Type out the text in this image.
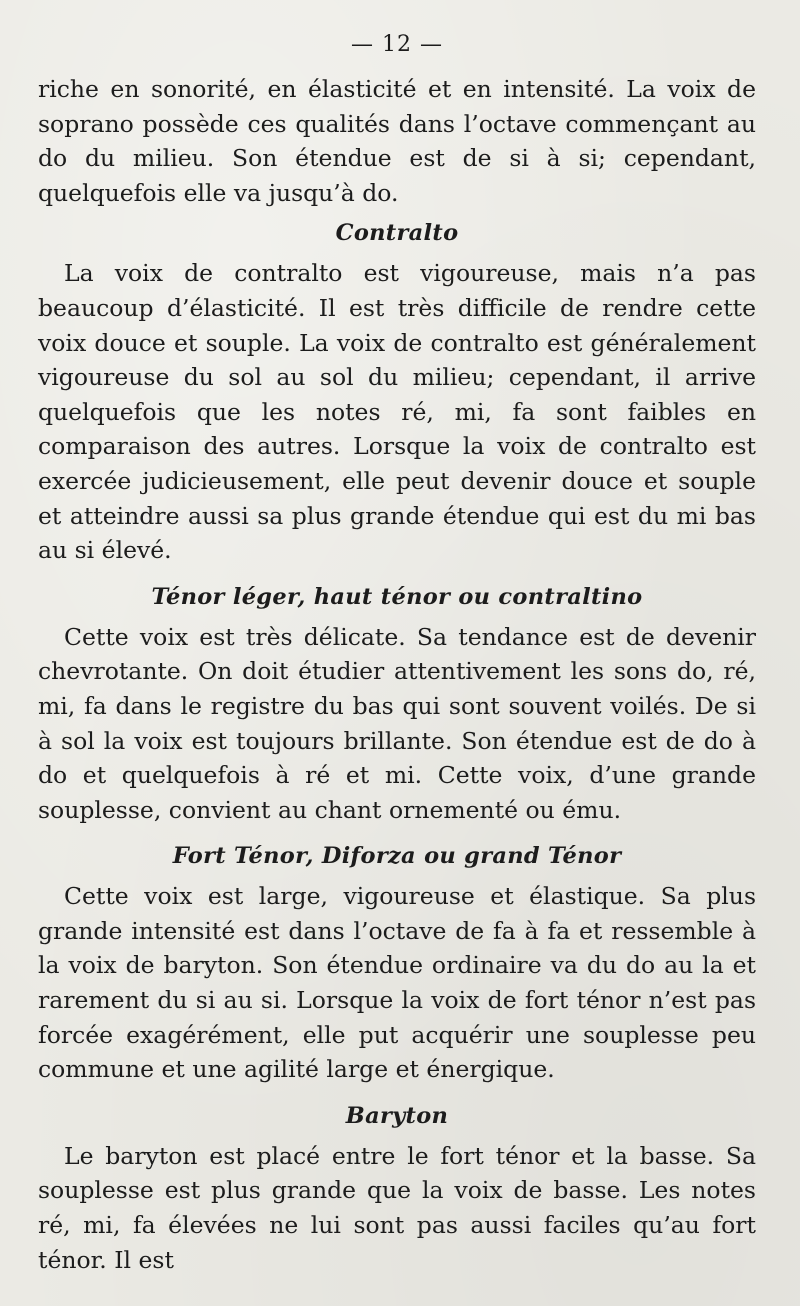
— 12 —

riche en sonorité, en élasticité et en intensité. La voix de soprano possède ces qualités dans l’octave commençant au do du milieu. Son étendue est de si à si; cependant, quelquefois elle va jusqu’à do.

Contralto

La voix de contralto est vigoureuse, mais n’a pas beaucoup d’élasticité. Il est très difficile de rendre cette voix douce et souple. La voix de contralto est généralement vigoureuse du sol au sol du milieu; cependant, il arrive quelquefois que les notes ré, mi, fa sont faibles en comparaison des autres. Lorsque la voix de contralto est exercée judicieusement, elle peut devenir douce et souple et atteindre aussi sa plus grande étendue qui est du mi bas au si élevé.

Ténor léger, haut ténor ou contraltino

Cette voix est très délicate. Sa tendance est de devenir chevrotante. On doit étudier attentivement les sons do, ré, mi, fa dans le registre du bas qui sont souvent voilés. De si à sol la voix est toujours brillante. Son étendue est de do à do et quelquefois à ré et mi. Cette voix, d’une grande souplesse, convient au chant ornementé ou ému.

Fort Ténor, Diforza ou grand Ténor

Cette voix est large, vigoureuse et élastique. Sa plus grande intensité est dans l’octave de fa à fa et ressemble à la voix de baryton. Son étendue ordinaire va du do au la et rarement du si au si. Lorsque la voix de fort ténor n’est pas forcée exagérément, elle put acquérir une souplesse peu commune et une agilité large et énergique.

Baryton

Le baryton est placé entre le fort ténor et la basse. Sa souplesse est plus grande que la voix de basse. Les notes ré, mi, fa élevées ne lui sont pas aussi faciles qu’au fort ténor. Il est
